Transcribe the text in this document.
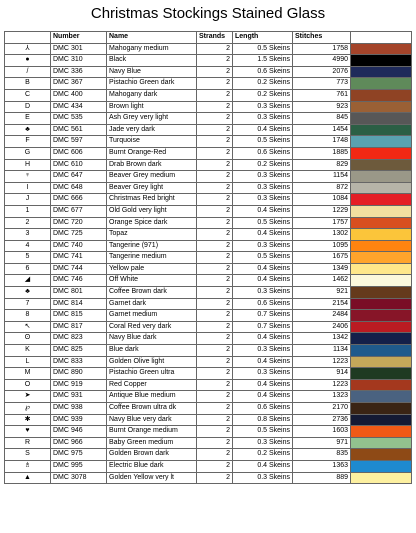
Christmas Stockings Stained Glass
	Number	Name	Strands	Length	Stitches	
⅄	DMC 301	Mahogany medium	2	0.5 Skeins	1758	

●	DMC 310	Black	2	1.5 Skeins	4990	

/	DMC 336	Navy Blue	2	0.6 Skeins	2076	

B	DMC 367	Pistachio Green dark	2	0.2 Skeins	773	

C	DMC 400	Mahogany dark	2	0.2 Skeins	761	

D	DMC 434	Brown light	2	0.3 Skeins	923	

E	DMC 535	Ash Grey very light	2	0.3 Skeins	845	

♣	DMC 561	Jade very dark	2	0.4 Skeins	1454	

F	DMC 597	Turquoise	2	0.5 Skeins	1748	

G	DMC 606	Burnt Orange-Red	2	0.6 Skeins	1885	

H	DMC 610	Drab Brown dark	2	0.2 Skeins	829	

♆	DMC 647	Beaver Grey medium	2	0.3 Skeins	1154	

I	DMC 648	Beaver Grey light	2	0.3 Skeins	872	

J	DMC 666	Christmas Red bright	2	0.3 Skeins	1084	

1	DMC 677	Old Gold very light	2	0.4 Skeins	1229	

2	DMC 720	Orange Spice dark	2	0.5 Skeins	1757	

3	DMC 725	Topaz	2	0.4 Skeins	1302	

4	DMC 740	Tangerine (971)	2	0.3 Skeins	1095	

5	DMC 741	Tangerine medium	2	0.5 Skeins	1675	

6	DMC 744	Yellow pale	2	0.4 Skeins	1349	

◢	DMC 746	Off White	2	0.4 Skeins	1462	

♣	DMC 801	Coffee Brown dark	2	0.3 Skeins	921	

7	DMC 814	Garnet dark	2	0.6 Skeins	2154	

8	DMC 815	Garnet medium	2	0.7 Skeins	2484	

↖	DMC 817	Coral Red very dark	2	0.7 Skeins	2406	

ʘ	DMC 823	Navy Blue dark	2	0.4 Skeins	1342	

K	DMC 825	Blue dark	2	0.3 Skeins	1134	

L	DMC 833	Golden Olive light	2	0.4 Skeins	1223	

M	DMC 890	Pistachio Green ultra	2	0.3 Skeins	914	

O	DMC 919	Red Copper	2	0.4 Skeins	1223	

➤	DMC 931	Antique Blue medium	2	0.4 Skeins	1323	

℘	DMC 938	Coffee Brown ultra dk	2	0.6 Skeins	2170	

✱	DMC 939	Navy Blue very dark	2	0.8 Skeins	2736	

♥	DMC 946	Burnt Orange medium	2	0.5 Skeins	1603	

R	DMC 966	Baby Green medium	2	0.3 Skeins	971	

S	DMC 975	Golden Brown dark	2	0.2 Skeins	835	

♗	DMC 995	Electric Blue dark	2	0.4 Skeins	1363	

▲	DMC 3078	Golden Yellow very lt	2	0.3 Skeins	889	
